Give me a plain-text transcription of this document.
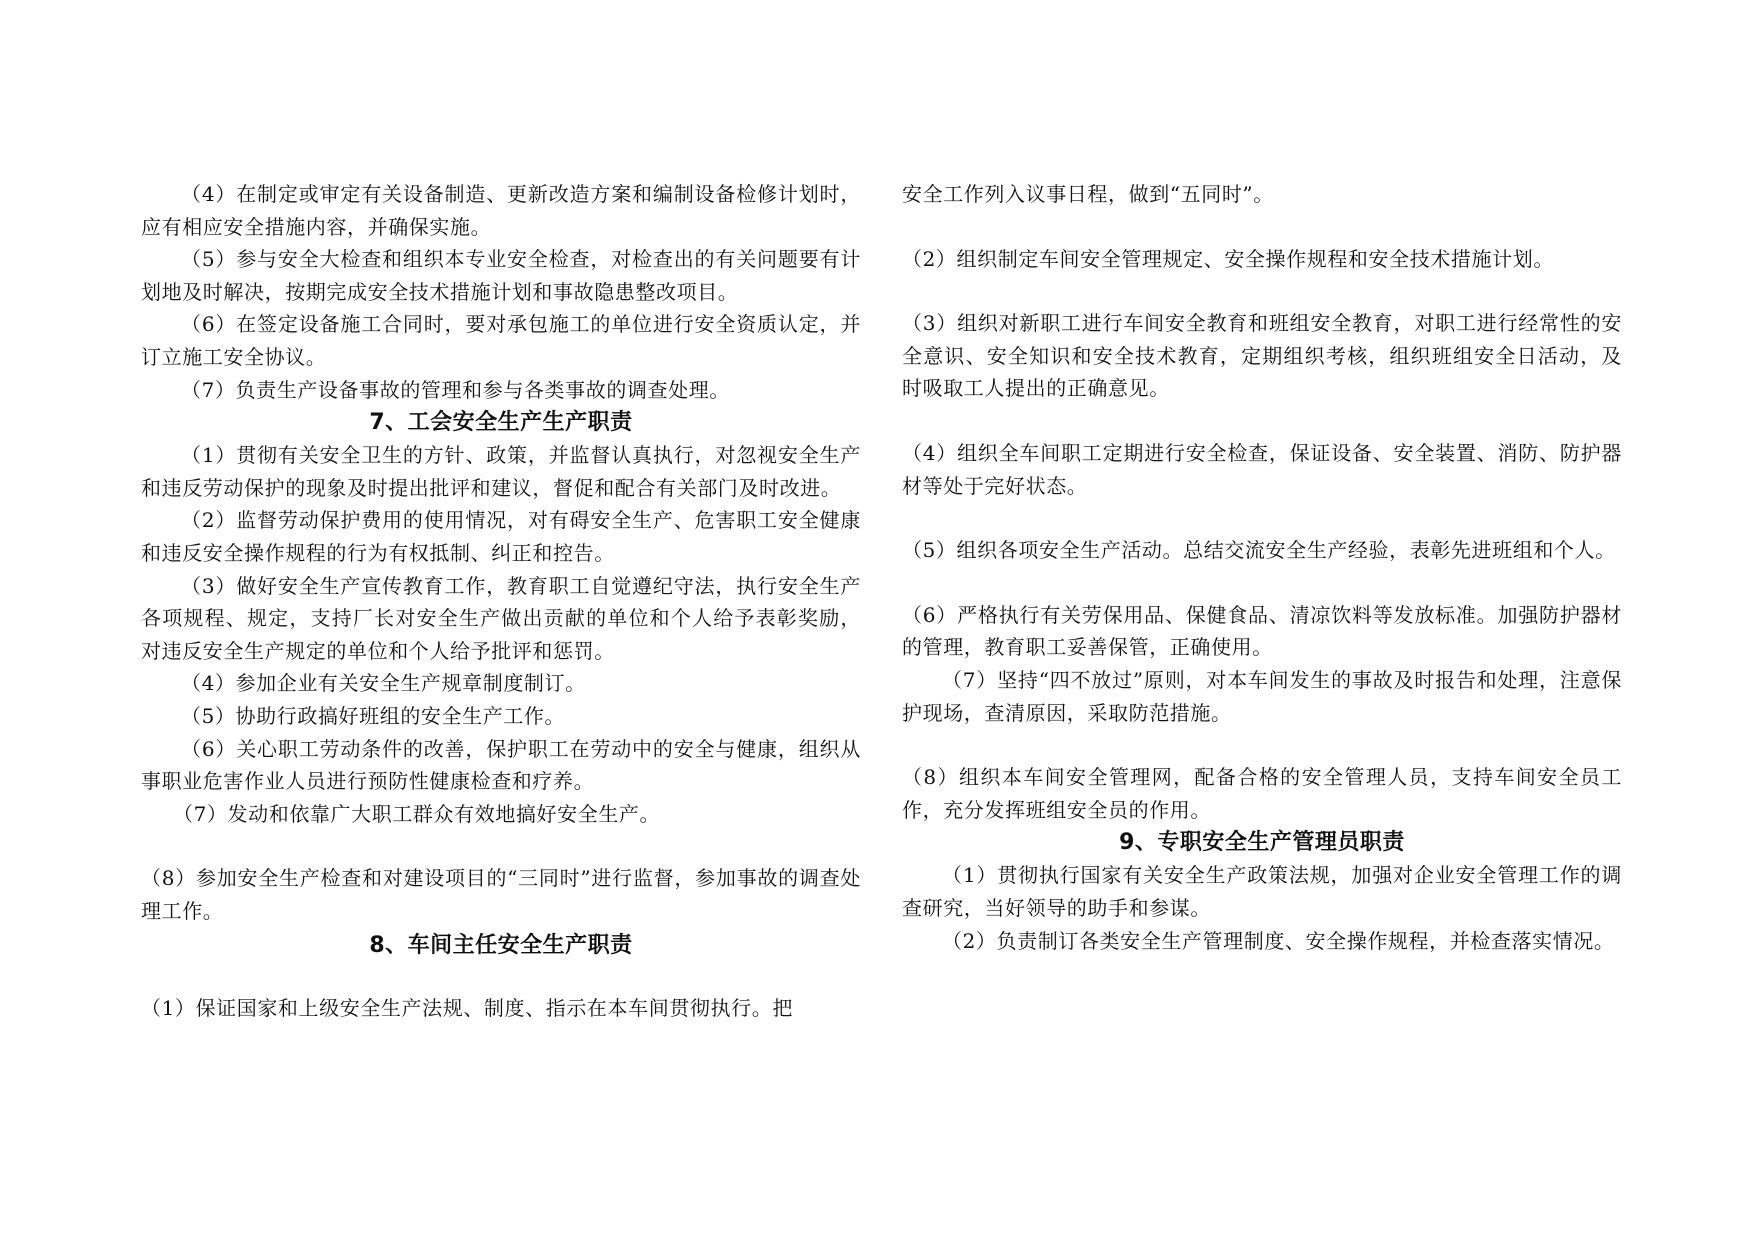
（4）在制定或审定有关设备制造、更新改造方案和编制设备检修计划时，应有相应安全措施内容，并确保实施。

（5）参与安全大检查和组织本专业安全检查，对检查出的有关问题要有计划地及时解决，按期完成安全技术措施计划和事故隐患整改项目。

（6）在签定设备施工合同时，要对承包施工的单位进行安全资质认定，并订立施工安全协议。

（7）负责生产设备事故的管理和参与各类事故的调查处理。

7、工会安全生产生产职责

（1）贯彻有关安全卫生的方针、政策，并监督认真执行，对忽视安全生产和违反劳动保护的现象及时提出批评和建议，督促和配合有关部门及时改进。

（2）监督劳动保护费用的使用情况，对有碍安全生产、危害职工安全健康和违反安全操作规程的行为有权抵制、纠正和控告。

（3）做好安全生产宣传教育工作，教育职工自觉遵纪守法，执行安全生产各项规程、规定，支持厂长对安全生产做出贡献的单位和个人给予表彰奖励，对违反安全生产规定的单位和个人给予批评和惩罚。

（4）参加企业有关安全生产规章制度制订。

（5）协助行政搞好班组的安全生产工作。

（6）关心职工劳动条件的改善，保护职工在劳动中的安全与健康，组织从事职业危害作业人员进行预防性健康检查和疗养。

（7）发动和依靠广大职工群众有效地搞好安全生产。

（8）参加安全生产检查和对建设项目的“三同时”进行监督，参加事故的调查处理工作。

8、车间主任安全生产职责

（1）保证国家和上级安全生产法规、制度、指示在本车间贯彻执行。把

安全工作列入议事日程，做到“五同时”。

（2）组织制定车间安全管理规定、安全操作规程和安全技术措施计划。

（3）组织对新职工进行车间安全教育和班组安全教育，对职工进行经常性的安全意识、安全知识和安全技术教育，定期组织考核，组织班组安全日活动，及时吸取工人提出的正确意见。

（4）组织全车间职工定期进行安全检查，保证设备、安全装置、消防、防护器材等处于完好状态。

（5）组织各项安全生产活动。总结交流安全生产经验，表彰先进班组和个人。

（6）严格执行有关劳保用品、保健食品、清凉饮料等发放标准。加强防护器材的管理，教育职工妥善保管，正确使用。

（7）坚持“四不放过”原则，对本车间发生的事故及时报告和处理，注意保护现场，查清原因，采取防范措施。

（8）组织本车间安全管理网，配备合格的安全管理人员，支持车间安全员工作，充分发挥班组安全员的作用。

9、专职安全生产管理员职责

（1）贯彻执行国家有关安全生产政策法规，加强对企业安全管理工作的调查研究，当好领导的助手和参谋。

（2）负责制订各类安全生产管理制度、安全操作规程，并检查落实情况。
